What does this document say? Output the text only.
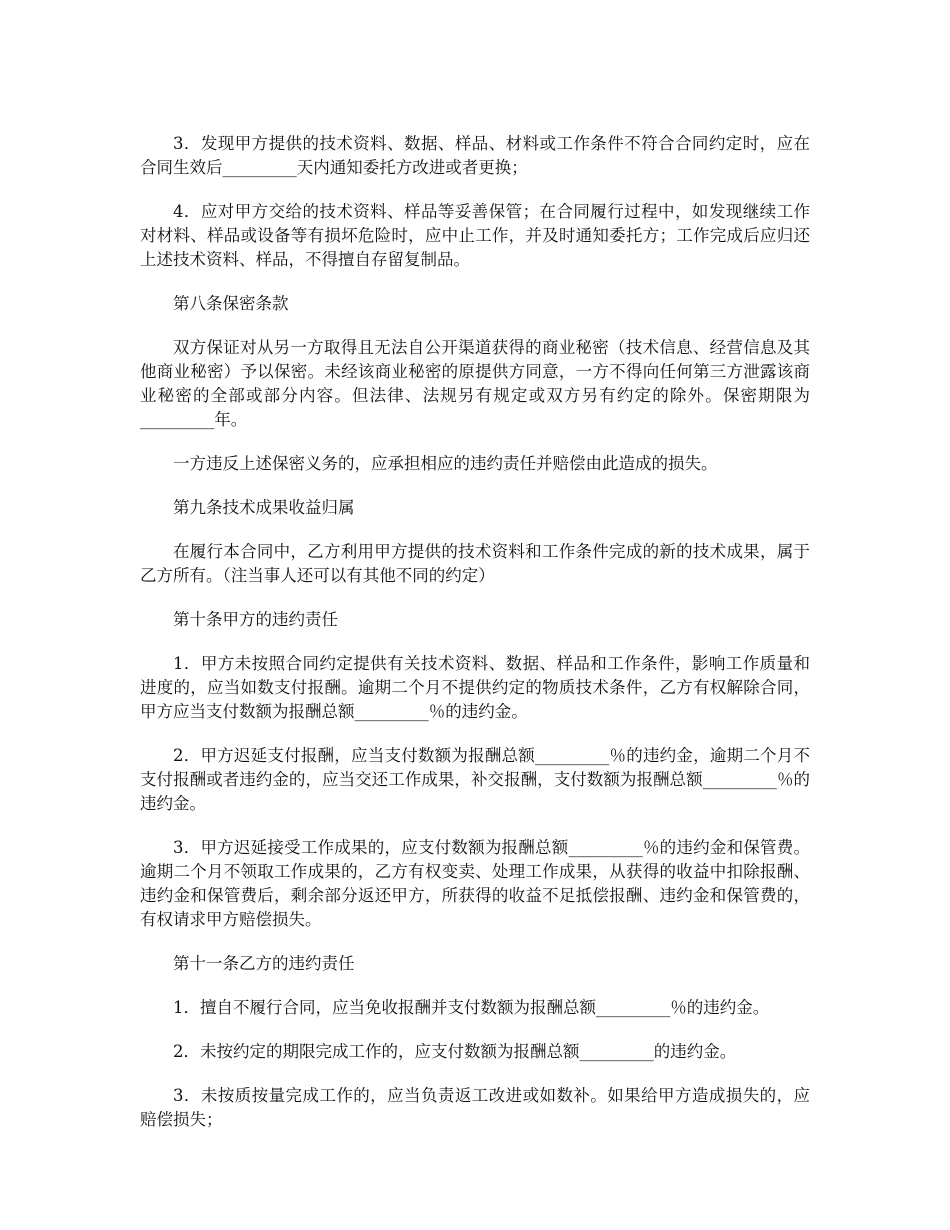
3．发现甲方提供的技术资料、数据、样品、材料或工作条件不符合合同约定时，应在合同生效后_________天内通知委托方改进或者更换；

4．应对甲方交给的技术资料、样品等妥善保管；在合同履行过程中，如发现继续工作对材料、样品或设备等有损坏危险时，应中止工作，并及时通知委托方；工作完成后应归还上述技术资料、样品，不得擅自存留复制品。

第八条保密条款

双方保证对从另一方取得且无法自公开渠道获得的商业秘密（技术信息、经营信息及其他商业秘密）予以保密。未经该商业秘密的原提供方同意，一方不得向任何第三方泄露该商业秘密的全部或部分内容。但法律、法规另有规定或双方另有约定的除外。保密期限为_________年。

一方违反上述保密义务的，应承担相应的违约责任并赔偿由此造成的损失。

第九条技术成果收益归属

在履行本合同中，乙方利用甲方提供的技术资料和工作条件完成的新的技术成果，属于乙方所有。（注当事人还可以有其他不同的约定）

第十条甲方的违约责任

1．甲方未按照合同约定提供有关技术资料、数据、样品和工作条件，影响工作质量和进度的，应当如数支付报酬。逾期二个月不提供约定的物质技术条件，乙方有权解除合同，甲方应当支付数额为报酬总额_________％的违约金。

2．甲方迟延支付报酬，应当支付数额为报酬总额_________％的违约金，逾期二个月不支付报酬或者违约金的，应当交还工作成果，补交报酬，支付数额为报酬总额_________％的违约金。

3．甲方迟延接受工作成果的，应支付数额为报酬总额_________％的违约金和保管费。逾期二个月不领取工作成果的，乙方有权变卖、处理工作成果，从获得的收益中扣除报酬、违约金和保管费后，剩余部分返还甲方，所获得的收益不足抵偿报酬、违约金和保管费的，有权请求甲方赔偿损失。

第十一条乙方的违约责任

1．擅自不履行合同，应当免收报酬并支付数额为报酬总额_________％的违约金。

2．未按约定的期限完成工作的，应支付数额为报酬总额_________的违约金。

3．未按质按量完成工作的，应当负责返工改进或如数补。如果给甲方造成损失的，应赔偿损失；
